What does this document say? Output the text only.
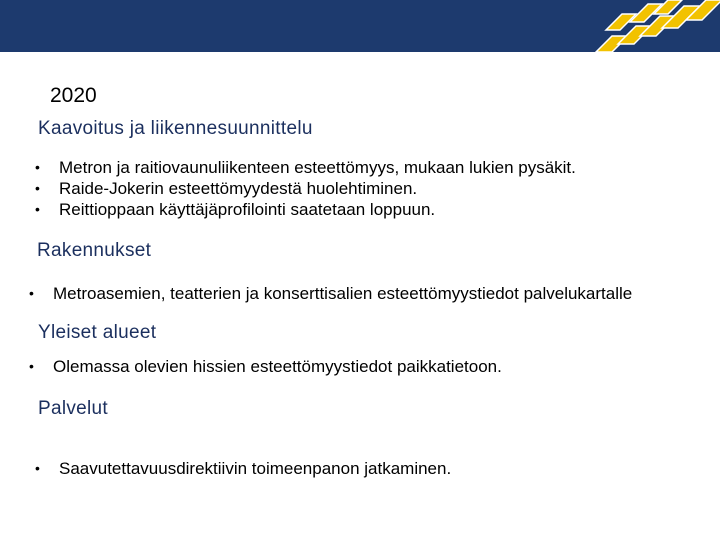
2020
Kaavoitus ja liikennesuunnittelu
• Metron ja raitiovaunuliikenteen esteettömyys, mukaan lukien pysäkit.
• Raide-Jokerin esteettömyydestä huolehtiminen.
• Reittioppaan käyttäjäprofilointi saatetaan loppuun.
Rakennukset
• Metroasemien, teatterien ja konserttisalien esteettömyystiedot palvelukartalle
Yleiset alueet
• Olemassa olevien hissien esteettömyystiedot paikkatietoon.
Palvelut
• Saavutettavuusdirektiivin toimeenpanon jatkaminen.
